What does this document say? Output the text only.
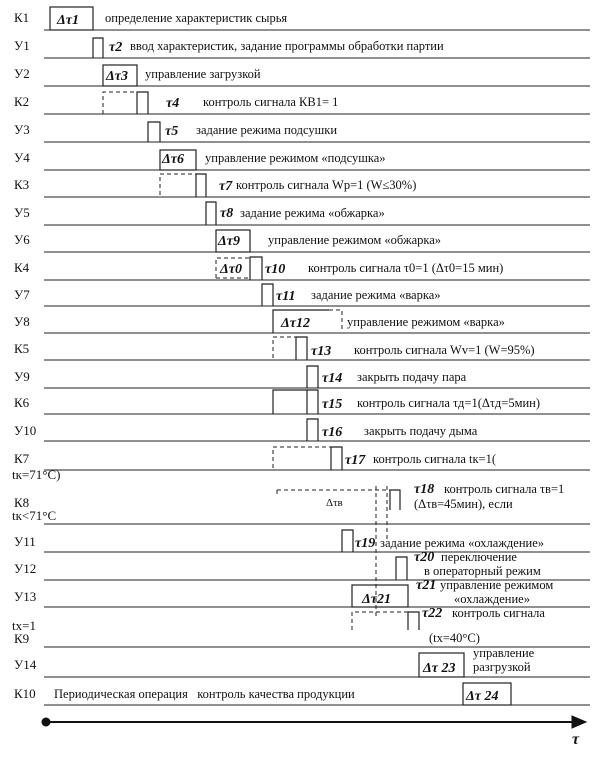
τ
К1
У1
У2
К2
У3
У4
К3
У5
У6
К4
У7
У8
К5
У9
К6
У10
К7
tк=71°C)
К8
tк<71°C
У11
У12
У13
tх=1
К9
У14
К10
Δτ1
τ2
Δτ3
τ4
τ5
Δτ6
τ7
τ8
Δτ9
Δτ0 τ10
τ11
Δτ12
τ13
τ14
τ15
τ16
τ17
Δτв
τ18
τ19
τ20
Δτ21
τ21
τ22
Δτ 23
Δτ 24
определение характеристик сырья
ввод характеристик, задание программы обработки партии
управление загрузкой
контроль сигнала КВ1= 1
задание режима подсушки
управление режимом «подсушка»
контроль сигнала Wр=1 (W≤30%)
задание режима «обжарка»
управление режимом «обжарка»
контроль сигнала τ0=1 (Δτ0=15 мин)
задание режима «варка»
управление режимом «варка»
контроль сигнала Wv=1 (W=95%)
закрыть подачу пара
контроль сигнала τд=1(Δτд=5мин)
закрыть подачу дыма
контроль сигнала tк=1(
контроль сигнала τв=1
(Δτв=45мин), если
задание режима «охлаждение»
переключение
в операторный режим
управление режимом
«охлаждение»
контроль сигнала
(tх=40°C)
управление
разгрузкой
Периодическая операция   контроль качества продукции
